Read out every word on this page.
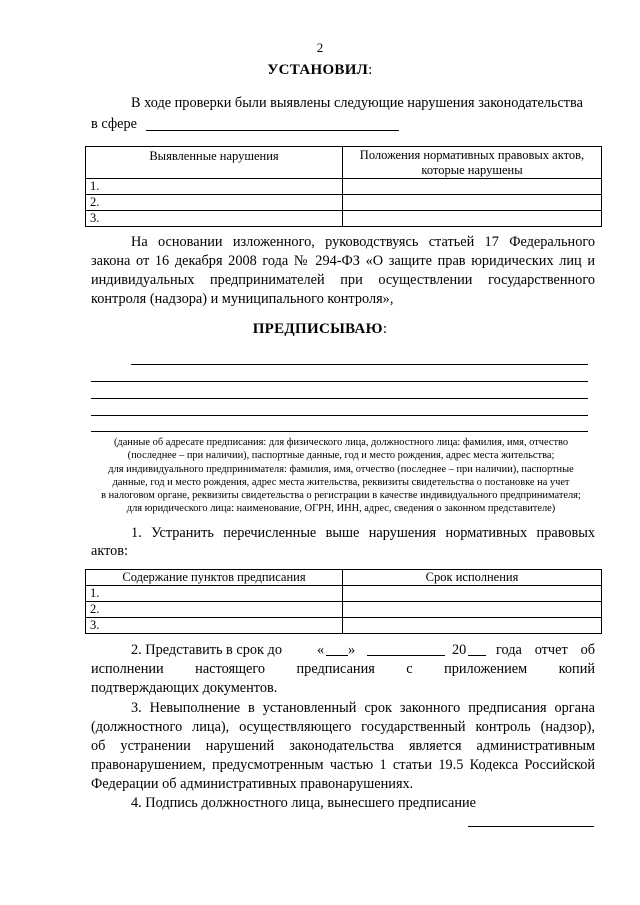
2
УСТАНОВИЛ:
В ходе проверки были выявлены следующие нарушения законодательства
в сфере
Выявленные нарушения	Положения нормативных правовых актов, которые нарушены
1.	
2.	
3.	
На основании изложенного, руководствуясь статьей 17 Федерального
закона от 16 декабря 2008 года № 294-ФЗ «О защите прав юридических лиц и
индивидуальных предпринимателей при осуществлении государственного
контроля (надзора) и муниципального контроля»,
ПРЕДПИСЫВАЮ:
(данные об адресате предписания: для физического лица, должностного лица: фамилия, имя, отчество
(последнее – при наличии), паспортные данные, год и место рождения, адрес места жительства;
для индивидуального предпринимателя: фамилия, имя, отчество (последнее – при наличии), паспортные
данные, год и место рождения, адрес места жительства, реквизиты свидетельства о постановке на учет
в налоговом органе, реквизиты свидетельства о регистрации в качестве индивидуального предпринимателя;
для юридического лица: наименование, ОГРН, ИНН, адрес, сведения о законном представителе)
1. Устранить перечисленные выше нарушения нормативных правовых
актов:
Содержание пунктов предписания	Срок исполнения
1.	
2.	
3.	
2. Представить в срок до « »	20 года отчет об
исполнении настоящего предписания с приложением копий
подтверждающих документов.
3. Невыполнение в установленный срок законного предписания органа
(должностного лица), осуществляющего государственный контроль (надзор),
об устранении нарушений законодательства является административным
правонарушением, предусмотренным частью 1 статьи 19.5 Кодекса Российской
Федерации об административных правонарушениях.
4. Подпись должностного лица, вынесшего предписание
